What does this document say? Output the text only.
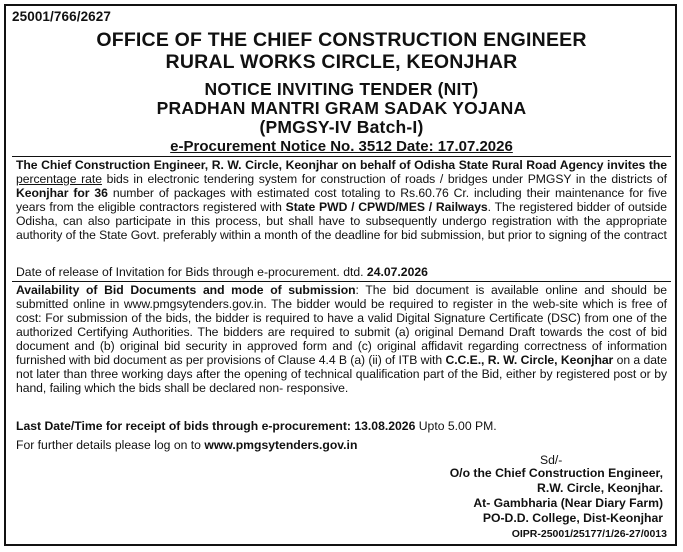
25001/766/2627
OFFICE OF THE CHIEF CONSTRUCTION ENGINEER
RURAL WORKS CIRCLE, KEONJHAR
NOTICE INVITING TENDER (NIT)
PRADHAN MANTRI GRAM SADAK YOJANA
(PMGSY-IV Batch-I)
e-Procurement Notice No. 3512 Date: 17.07.2026
The Chief Construction Engineer, R. W. Circle, Keonjhar on behalf of Odisha State Rural Road Agency invites the percentage rate bids in electronic tendering system for construction of roads / bridges under PMGSY in the districts of Keonjhar for 36 number of packages with estimated cost totaling to Rs.60.76 Cr. including their maintenance for five years from the eligible contractors registered with State PWD / CPWD/MES / Railways. The registered bidder of outside Odisha, can also participate in this process, but shall have to subsequently undergo registration with the appropriate authority of the State Govt. preferably within a month of the deadline for bid submission, but prior to signing of the contract
Date of release of Invitation for Bids through e-procurement. dtd. 24.07.2026
Availability of Bid Documents and mode of submission: The bid document is available online and should be submitted online in www.pmgsytenders.gov.in. The bidder would be required to register in the web-site which is free of cost: For submission of the bids, the bidder is required to have a valid Digital Signature Certificate (DSC) from one of the authorized Certifying Authorities. The bidders are required to submit (a) original Demand Draft towards the cost of bid document and (b) original bid security in approved form and (c) original affidavit regarding correctness of information furnished with bid document as per provisions of Clause 4.4 B (a) (ii) of ITB with C.C.E., R. W. Circle, Keonjhar on a date not later than three working days after the opening of technical qualification part of the Bid, either by registered post or by hand, failing which the bids shall be declared non- responsive.
Last Date/Time for receipt of bids through e-procurement: 13.08.2026 Upto 5.00 PM.
For further details please log on to www.pmgsytenders.gov.in
Sd/-
O/o the Chief Construction Engineer,
R.W. Circle, Keonjhar.
At- Gambharia (Near Diary Farm)
PO-D.D. College, Dist-Keonjhar
OIPR-25001/25177/1/26-27/0013
